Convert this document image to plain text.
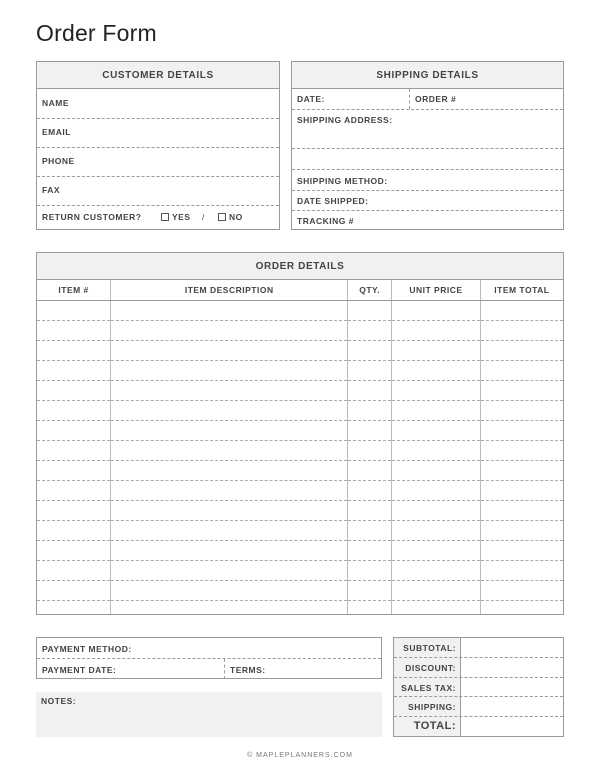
Order Form
CUSTOMER DETAILS
NAME
EMAIL
PHONE
FAX
RETURN CUSTOMER?	YES /	NO
SHIPPING DETAILS
DATE:	ORDER #
SHIPPING ADDRESS:
SHIPPING METHOD:
DATE SHIPPED:
TRACKING #
ORDER DETAILS
ITEM #	ITEM DESCRIPTION	QTY.	UNIT PRICE	ITEM TOTAL

PAYMENT METHOD:
PAYMENT DATE:	TERMS:
NOTES:
SUBTOTAL:
DISCOUNT:
SALES TAX:
SHIPPING:
TOTAL:
© MAPLEPLANNERS.COM
